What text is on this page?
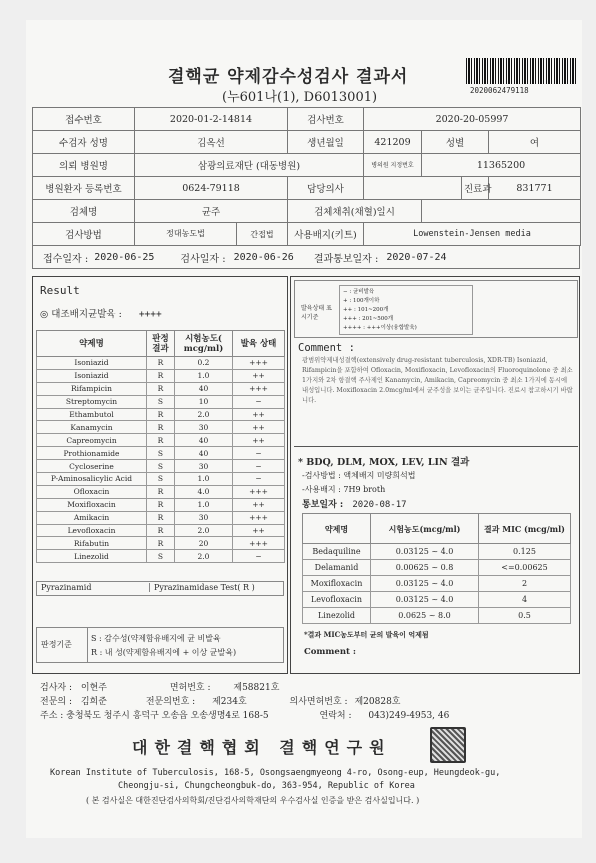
결핵균 약제감수성검사 결과서
(누601나(1), D6013001)	2020062479118
접수번호	2020-01-2-14814	검사번호	2020-20-05997			
수검자 성명	김옥선	생년월일	421209	성별		여
의뢰 병원명	삼광의료재단 (대동병원)		병의원 지정번호	11365200		
병원환자 등록번호	0624-79118	담당의사			진료과	831771
검체명	균주	검체채취(채혈)일시				
검사방법	정대농도법 간접법	사용배지(키트)	Lowenstein-Jensen media			
접수일자 : 2020-06-25	검사일자 : 2020-06-26 결과통보일자 : 2020-07-24
Result
◎ 대조배지균발육 : ++++
약제명	판정 결과	시험농도( mcg/ml)	발육 상태
Isoniazid	R	0.2	+++
Isoniazid	R	1.0	++
Rifampicin	R	40	+++
Streptomycin	S	10	−
Ethambutol	R	2.0	++
Kanamycin	R	30	++
Capreomycin	R	40	++
Prothionamide	S	40	−
Cycloserine	S	30	−
P-Aminosalicylic Acid	S	1.0	−
Ofloxacin	R	4.0	+++
Moxifloxacin	R	1.0	++
Amikacin	R	30	+++
Levofloxacin	R	2.0	++
Rifabutin	R	20	+++
Linezolid	S	2.0	−
Pyrazinamid	Pyrazinamidase Test( R )
판정기준
S : 감수성(약제함유배지에 균 비발육
R : 내 성(약제함유배지에 + 이상 균발육)
발육상태 표시기준
− : 균비발육
+ : 100개이하
++ : 101~200개
+++ : 201~500개
++++ : +++이상(융합발육)
Comment :
광범위약제내성결핵(extensively drug-resistant tuberculosis, XDR-TB) Isoniazid, Rifampicin을 포함하여 Ofloxacin, Moxifloxacin, Levofloxacin의 Fluoroquinolone 중 최소 1가지와 2차 항결핵 주사제인 Kanamycin, Amikacin, Capreomycin 중 최소 1가지에 동시에 내성입니다. Moxifloxacin 2.0mcg/ml에서 균주성을 보이는 균주입니다. 진료시 참고하시기 바랍니다.
* BDQ, DLM, MOX, LEV, LIN 결과
-검사방법 : 액체배지 미량희석법
-사용배지 : 7H9 broth
통보일자 : 2020-08-17
약제명	시험농도(mcg/ml)	결과 MIC (mcg/ml)
Bedaquiline	0.03125 ~ 4.0	0.125
Delamanid	0.00625 ~ 0.8	<=0.00625
Moxifloxacin	0.03125 ~ 4.0	2
Levofloxacin	0.03125 ~ 4.0	4
Linezolid	0.0625 ~ 8.0	0.5
*결과 MIC농도부터 균의 발육이 억제됨
Comment :
검사자 : 이현주	면허번호 :	제58821호
전문의 : 김희준	전문의번호 : 제234호	의사면허번호 : 제20828호
주소 : 충청북도 청주시 흥덕구 오송읍 오송생명4로 168-5	연락처 : 043)249-4953, 46
대한결핵협회 결핵연구원
Korean Institute of Tuberculosis, 168-5, Osongsaengmyeong 4-ro, Osong-eup, Heungdeok-gu,
Cheongju-si, Chungcheongbuk-do, 363-954, Republic of Korea
( 본 검사실은 대한진단검사의학회/진단검사의학재단의 우수검사실 인증을 받은 검사실입니다. )
